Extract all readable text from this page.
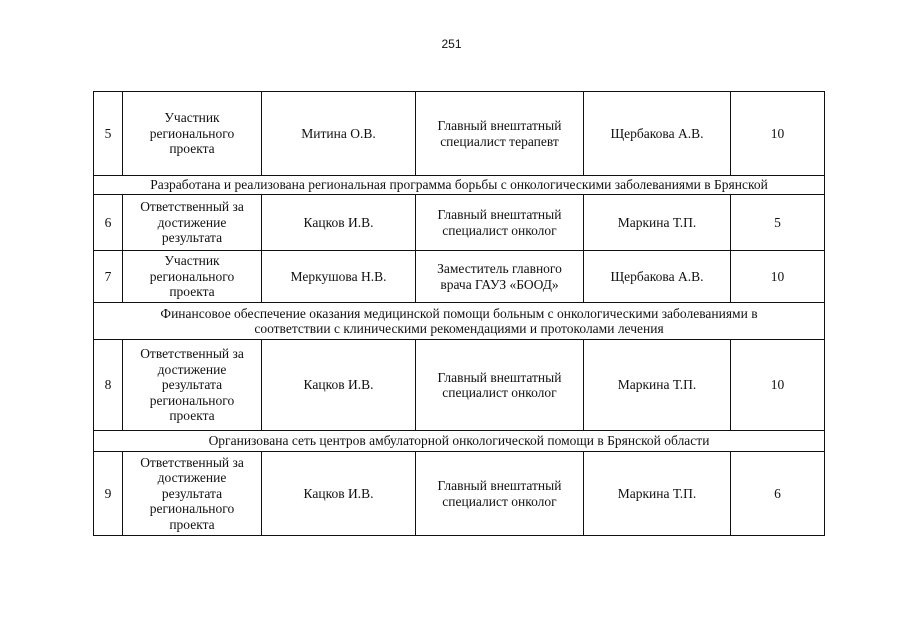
251
5	Участник
регионального
проекта	Митина О.В.	Главный внештатный
специалист терапевт	Щербакова А.В.	10
Разработана и реализована региональная программа борьбы с онкологическими заболеваниями в Брянской					
6	Ответственный за
достижение
результата	Кацков И.В.	Главный внештатный
специалист онколог	Маркина Т.П.	5
7	Участник
регионального
проекта	Меркушова Н.В.	Заместитель главного
врача ГАУЗ «БООД»	Щербакова А.В.	10
Финансовое обеспечение оказания медицинской помощи больным с онкологическими заболеваниями в
соответствии с клиническими рекомендациями и протоколами лечения					
8	Ответственный за
достижение
результата
регионального
проекта	Кацков И.В.	Главный внештатный
специалист онколог	Маркина Т.П.	10
Организована сеть центров амбулаторной онкологической помощи в Брянской области					
9	Ответственный за
достижение
результата
регионального
проекта	Кацков И.В.	Главный внештатный
специалист онколог	Маркина Т.П.	6
